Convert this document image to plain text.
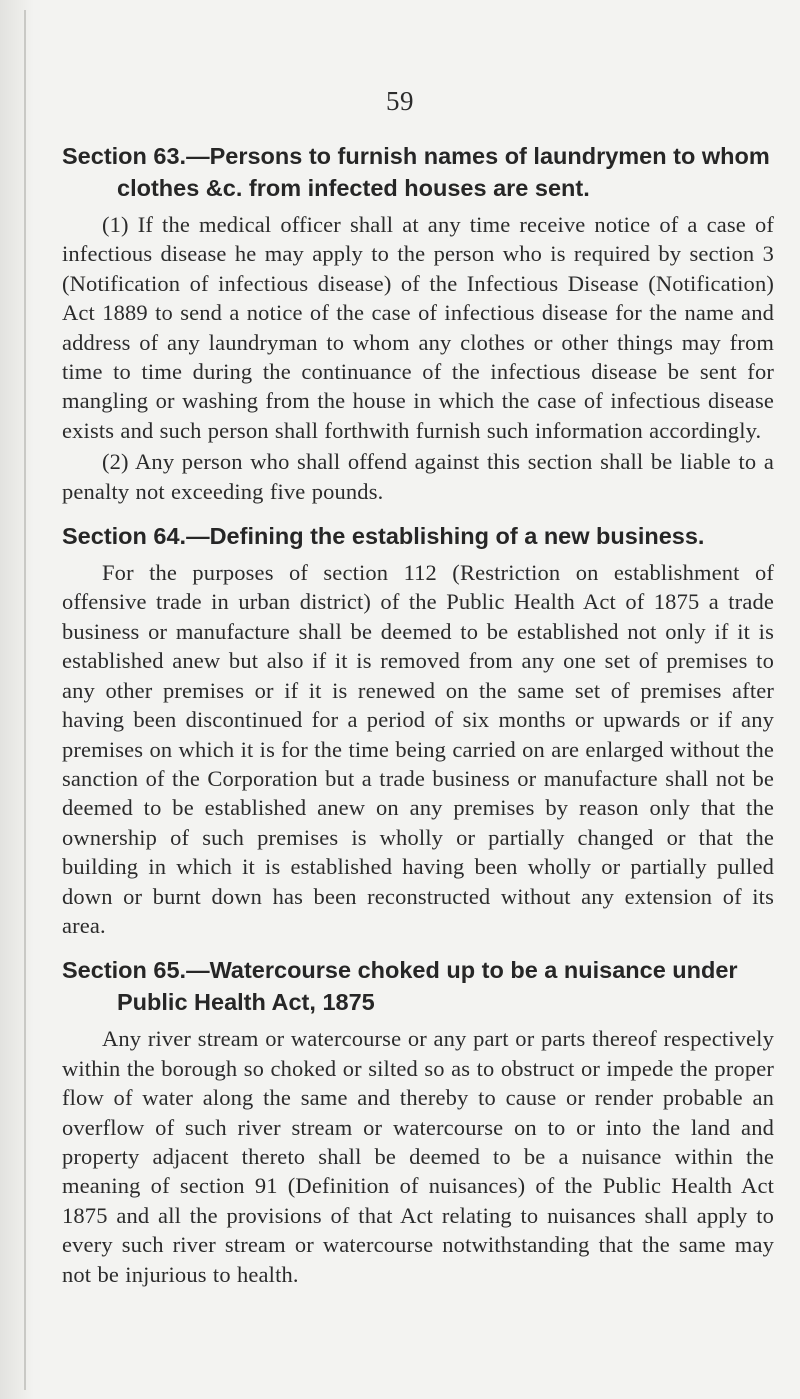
59
Section 63.—Persons to furnish names of laundrymen to whom
clothes &c. from infected houses are sent.

(1) If the medical officer shall at any time receive notice of a case of infectious disease he may apply to the person who is required by section 3 (Notification of infectious disease) of the Infectious Disease (Notification) Act 1889 to send a notice of the case of infectious disease for the name and address of any laundryman to whom any clothes or other things may from time to time during the continuance of the infectious disease be sent for mangling or washing from the house in which the case of infectious disease exists and such person shall forthwith furnish such information accordingly.

(2) Any person who shall offend against this section shall be liable to a penalty not exceeding five pounds.

Section 64.—Defining the establishing of a new business.

For the purposes of section 112 (Restriction on establishment of offensive trade in urban district) of the Public Health Act of 1875 a trade business or manufacture shall be deemed to be established not only if it is established anew but also if it is removed from any one set of premises to any other premises or if it is renewed on the same set of premises after having been discontinued for a period of six months or upwards or if any premises on which it is for the time being carried on are enlarged without the sanction of the Corporation but a trade business or manufacture shall not be deemed to be established anew on any premises by reason only that the ownership of such premises is wholly or partially changed or that the building in which it is established having been wholly or partially pulled down or burnt down has been reconstructed without any extension of its area.

Section 65.—Watercourse choked up to be a nuisance under
Public Health Act, 1875

Any river stream or watercourse or any part or parts thereof respectively within the borough so choked or silted so as to obstruct or impede the proper flow of water along the same and thereby to cause or render probable an overflow of such river stream or watercourse on to or into the land and property adjacent thereto shall be deemed to be a nuisance within the meaning of section 91 (Definition of nuisances) of the Public Health Act 1875 and all the provisions of that Act relating to nuisances shall apply to every such river stream or watercourse notwithstanding that the same may not be injurious to health.
